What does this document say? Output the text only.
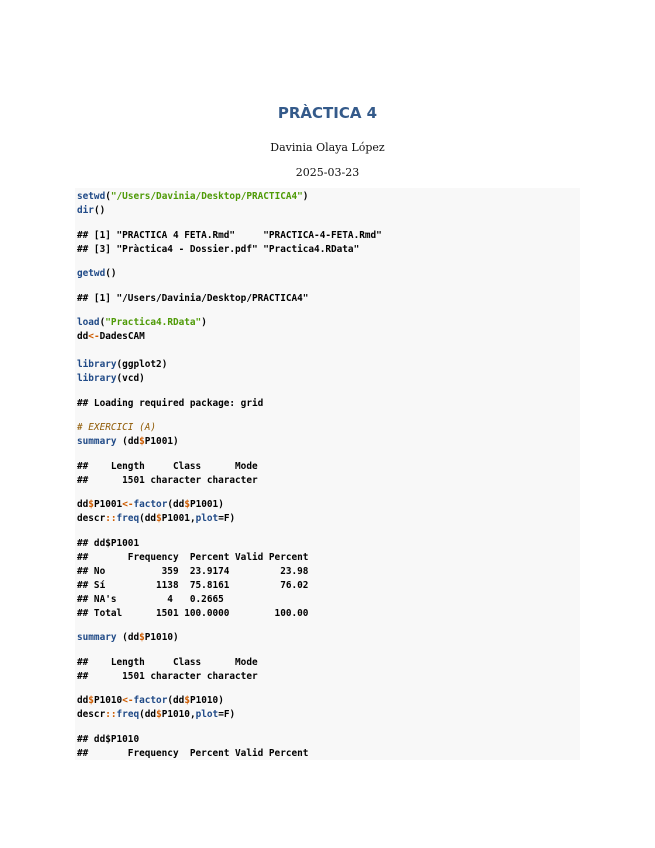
PRÀCTICA 4
Davinia Olaya López
2025-03-23
setwd("/Users/Davinia/Desktop/PRACTICA4")
dir()
## [1] "PRACTICA 4 FETA.Rmd"     "PRACTICA-4-FETA.Rmd"
## [3] "Pràctica4 - Dossier.pdf" "Practica4.RData"
getwd()
## [1] "/Users/Davinia/Desktop/PRACTICA4"
load("Practica4.RData")
dd<-DadesCAM

library(ggplot2)
library(vcd)
## Loading required package: grid
# EXERCICI (A)
summary (dd$P1001)
##    Length     Class      Mode
##      1501 character character
dd$P1001<-factor(dd$P1001)
descr::freq(dd$P1001,plot=F)
## dd$P1001
##       Frequency  Percent Valid Percent
## No          359  23.9174         23.98
## Sí         1138  75.8161         76.02
## NA's         4   0.2665
## Total      1501 100.0000        100.00
summary (dd$P1010)
##    Length     Class      Mode
##      1501 character character
dd$P1010<-factor(dd$P1010)
descr::freq(dd$P1010,plot=F)
## dd$P1010
##       Frequency  Percent Valid Percent
